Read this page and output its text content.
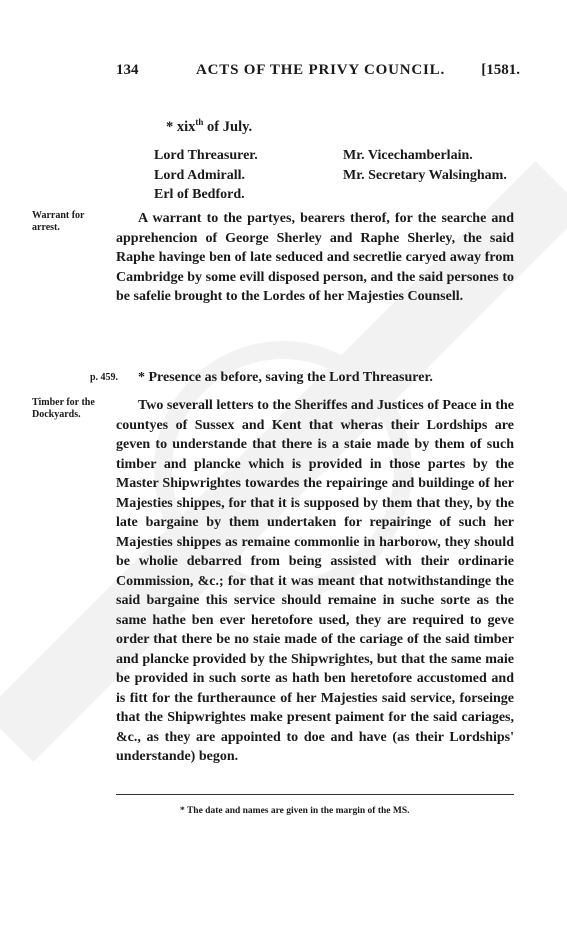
134	ACTS OF THE PRIVY COUNCIL. [1581.
* xix$^{th}$ of July.
Lord Threasurer.
Lord Admirall.
Erl of Bedford.
Mr. Vicechamberlain.
Mr. Secretary Walsingham.
Warrant for arrest.
A warrant to the partyes, bearers therof, for the searche and apprehencion of George Sherley and Raphe Sherley, the said Raphe havinge ben of late seduced and secretlie caryed away from Cambridge by some evill disposed person, and the said persones to be safelie brought to the Lordes of her Majesties Counsell.
p. 459. * Presence as before, saving the Lord Threasurer.
Timber for the Dockyards.
Two severall letters to the Sheriffes and Justices of Peace in the countyes of Sussex and Kent that wheras their Lordships are geven to understande that there is a staie made by them of such timber and plancke which is provided in those partes by the Master Shipwrightes towardes the repairinge and buildinge of her Majesties shippes, for that it is supposed by them that they, by the late bargaine by them undertaken for repairinge of such her Majesties shippes as remaine commonlie in harborow, they should be wholie debarred from being assisted with their ordinarie Commission, &c.; for that it was meant that notwithstandinge the said bargaine this service should remaine in suche sorte as the same hathe ben ever heretofore used, they are required to geve order that there be no staie made of the cariage of the said timber and plancke provided by the Shipwrightes, but that the same maie be provided in such sorte as hath ben heretofore accustomed and is fitt for the furtheraunce of her Majesties said service, forseinge that the Shipwrightes make present paiment for the said cariages, &c., as they are appointed to doe and have (as their Lordships' understande) begon.
* The date and names are given in the margin of the MS.
